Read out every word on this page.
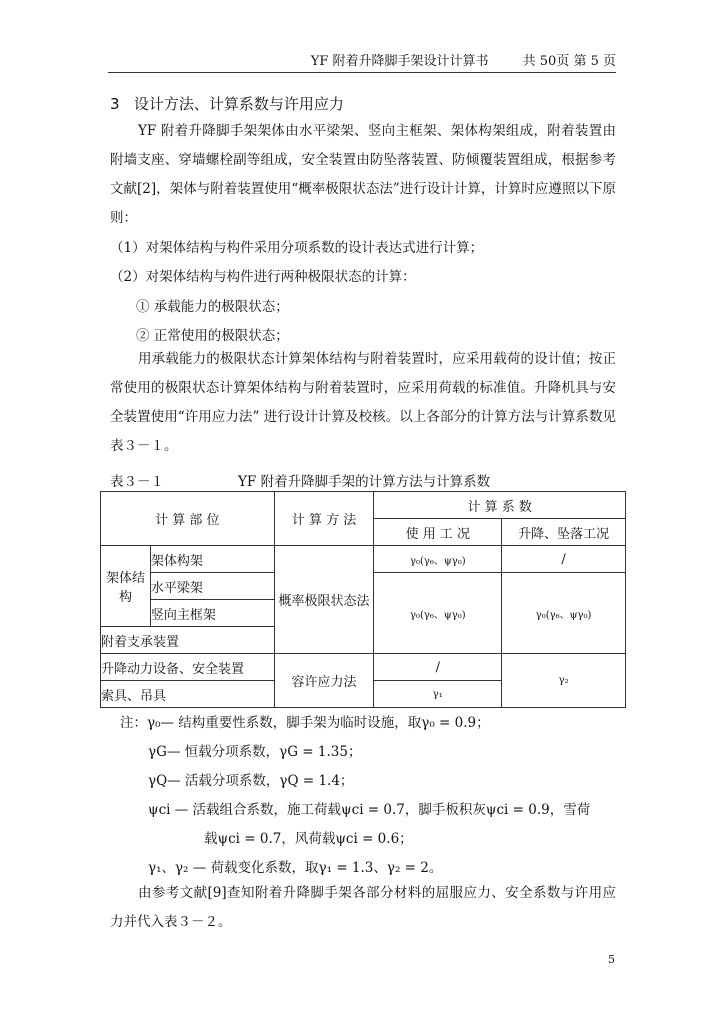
YF 附着升降脚手架设计计算书	共 50页 第 5 页
3 设计方法、计算系数与许用应力

YF 附着升降脚手架架体由水平梁架、竖向主框架、架体构架组成，附着装置由附墙支座、穿墙螺栓副等组成，安全装置由防坠落装置、防倾覆装置组成，根据参考文献[2]，架体与附着装置使用“概率极限状态法”进行设计计算，计算时应遵照以下原则：

（1）对架体结构与构件采用分项系数的设计表达式进行计算；
（2）对架体结构与构件进行两种极限状态的计算：
① 承载能力的极限状态；
② 正常使用的极限状态；

用承载能力的极限状态计算架体结构与附着装置时，应采用载荷的设计值；按正常使用的极限状态计算架体结构与附着装置时，应采用荷载的标准值。升降机具与安全装置使用“许用应力法” 进行设计计算及校核。以上各部分的计算方法与计算系数见表３－１。

表３－１	YF 附着升降脚手架的计算方法与计算系数
计 算 部 位		计 算 方 法	计 算 系 数	
			使 用 工 况	升降、坠落工况
架体结构	架体构架	概率极限状态法	γ₀(γ₆、ψγ₀)	/
	水平梁架		γ₀(γ₆、ψγ₀)	γ₀(γ₆、ψγ₀)
	竖向主框架			
附着支承装置				
升降动力设备、安全装置		容许应力法	/	γ₂
索具、吊具			γ₁	
注：γ₀— 结构重要性系数，脚手架为临时设施，取γ₀ = 0.9；
γG— 恒载分项系数，γG = 1.35；
γQ— 活载分项系数，γQ = 1.4；
ψci — 活载组合系数，施工荷载ψci = 0.7，脚手板积灰ψci = 0.9，雪荷
载ψci = 0.7，风荷载ψci = 0.6；
γ₁、γ₂ — 荷载变化系数，取γ₁ = 1.3、γ₂ = 2。

由参考文献[9]查知附着升降脚手架各部分材料的屈服应力、安全系数与许用应力并代入表３－２。

5
